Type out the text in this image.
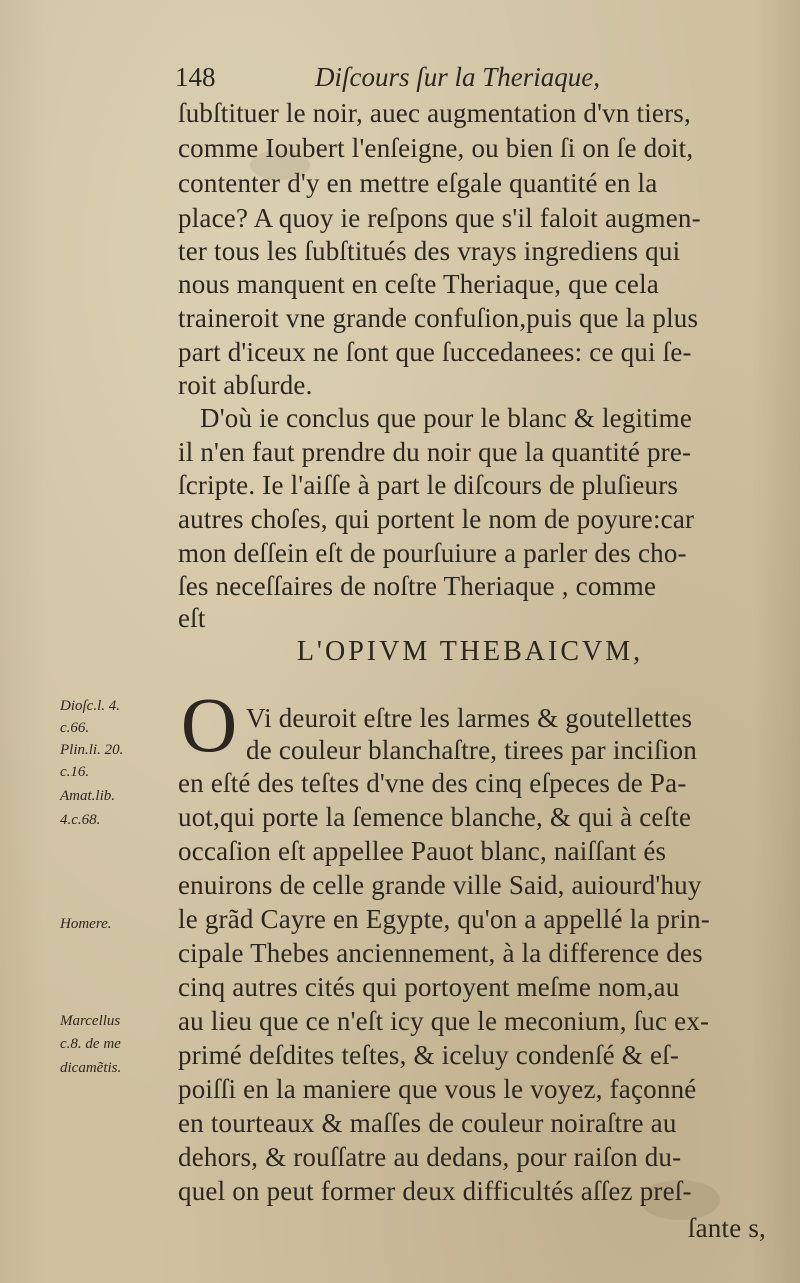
148	Diſcours ſur la Theriaque,
ſubſtituer le noir, auec augmentation d'vn tiers,
comme Ioubert l'enſeigne, ou bien ſi on ſe doit,
contenter d'y en mettre eſgale quantité en la
place? A quoy ie reſpons que s'il faloit augmen-
ter tous les ſubſtitués des vrays ingrediens qui
nous manquent en ceſte Theriaque, que cela
traineroit vne grande confuſion,puis que la plus
part d'iceux ne ſont que ſuccedanees: ce qui ſe-
roit abſurde.
D'où ie conclus que pour le blanc & legitime
il n'en faut prendre du noir que la quantité pre-
ſcripte. Ie l'aiſſe à part le diſcours de pluſieurs
autres choſes, qui portent le nom de poyure:car
mon deſſein eſt de pourſuiure a parler des cho-
ſes neceſſaires de noſtre Theriaque , comme
eſt
L'OPIVM THEBAICVM,
Dioſc.l. 4.
c.66.
Plin.li. 20.
c.16.
Amat.lib.
4.c.68.
Homere.
Marcellus
c.8. de me
dicamẽtis.
O Vi deuroit eſtre les larmes & goutellettes
de couleur blanchaſtre, tirees par inciſion
en eſté des teſtes d'vne des cinq eſpeces de Pa-
uot,qui porte la ſemence blanche, & qui à ceſte
occaſion eſt appellee Pauot blanc, naiſſant és
enuirons de celle grande ville Said, auiourd'huy
le grãd Cayre en Egypte, qu'on a appellé la prin-
cipale Thebes anciennement, à la difference des
cinq autres cités qui portoyent meſme nom,au
au lieu que ce n'eſt icy que le meconium, ſuc ex-
primé deſdites teſtes, & iceluy condenſé & eſ-
poiſſi en la maniere que vous le voyez, façonné
en tourteaux & maſſes de couleur noiraſtre au
dehors, & rouſſatre au dedans, pour raiſon du-
quel on peut former deux difficultés aſſez preſ-
ſante s,
